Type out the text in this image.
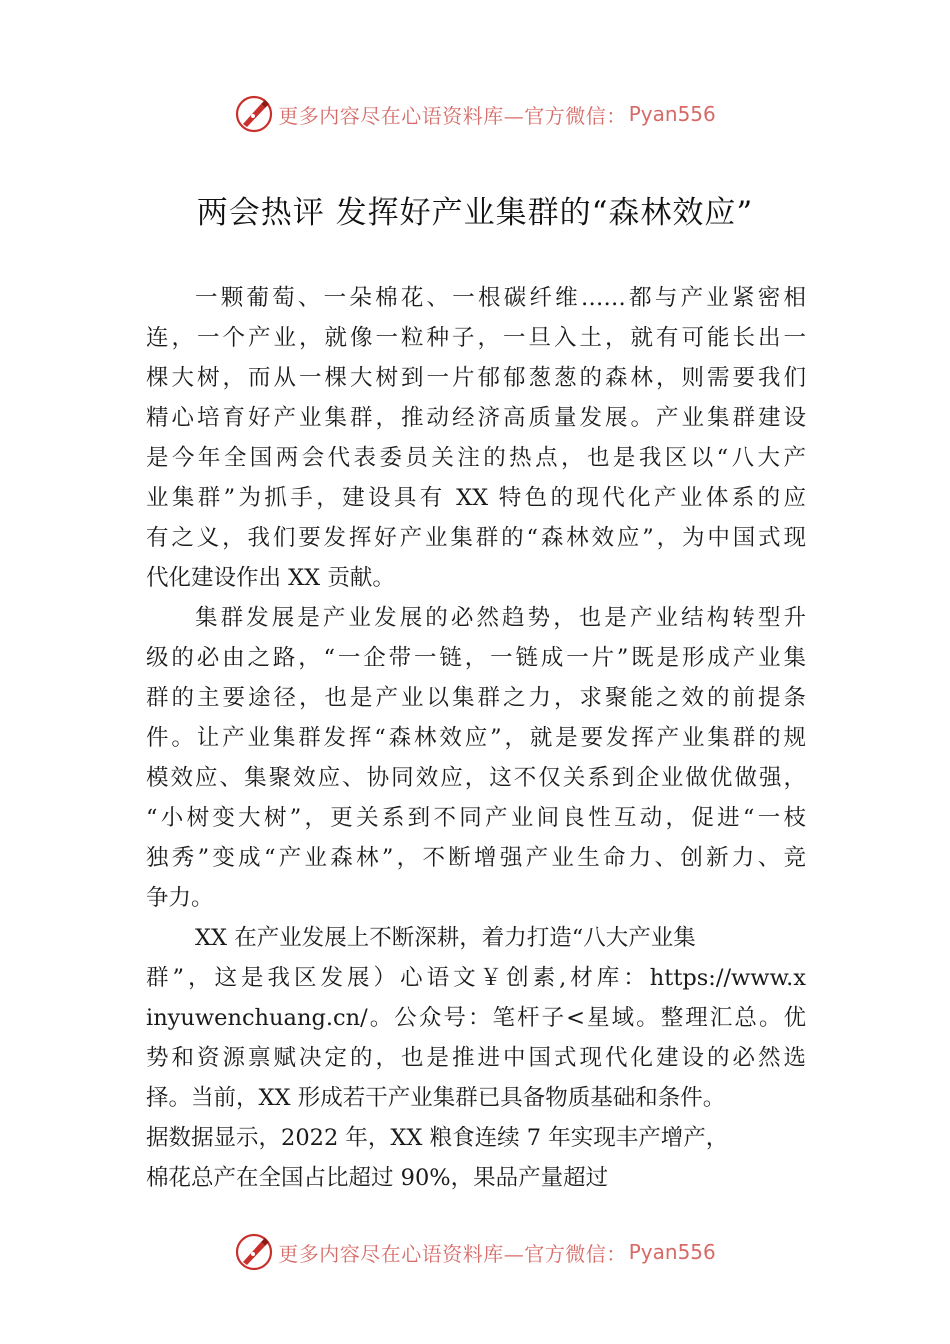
更多内容尽在心语资料库—官方微信： Pyan556
两会热评 发挥好产业集群的“森林效应”
一颗葡萄、一朵棉花、一根碳纤维……都与产业紧密相
连，一个产业，就像一粒种子，一旦入土，就有可能长出一
棵大树，而从一棵大树到一片郁郁葱葱的森林，则需要我们
精心培育好产业集群，推动经济高质量发展。产业集群建设
是今年全国两会代表委员关注的热点，也是我区以“八大产
业集群”为抓手，建设具有 XX 特色的现代化产业体系的应
有之义，我们要发挥好产业集群的“森林效应”，为中国式现
代化建设作出 XX 贡献。
集群发展是产业发展的必然趋势，也是产业结构转型升
级的必由之路，“一企带一链，一链成一片”既是形成产业集
群的主要途径，也是产业以集群之力，求聚能之效的前提条
件。让产业集群发挥“森林效应”，就是要发挥产业集群的规
模效应、集聚效应、协同效应，这不仅关系到企业做优做强，
“小树变大树”，更关系到不同产业间良性互动，促进“一枝
独秀”变成“产业森林”，不断增强产业生命力、创新力、竞
争力。
XX 在产业发展上不断深耕，着力打造“八大产业集
群”，这是我区发展）心语文￥创素,材库：https://www.x
inyuwenchuang.cn/。公众号：笔杆子<星域。整理汇总。优
势和资源禀赋决定的，也是推进中国式现代化建设的必然选
择。当前，XX 形成若干产业集群已具备物质基础和条件。
据数据显示，2022 年，XX 粮食连续 7 年实现丰产增产，
棉花总产在全国占比超过 90%，果品产量超过
更多内容尽在心语资料库—官方微信： Pyan556
